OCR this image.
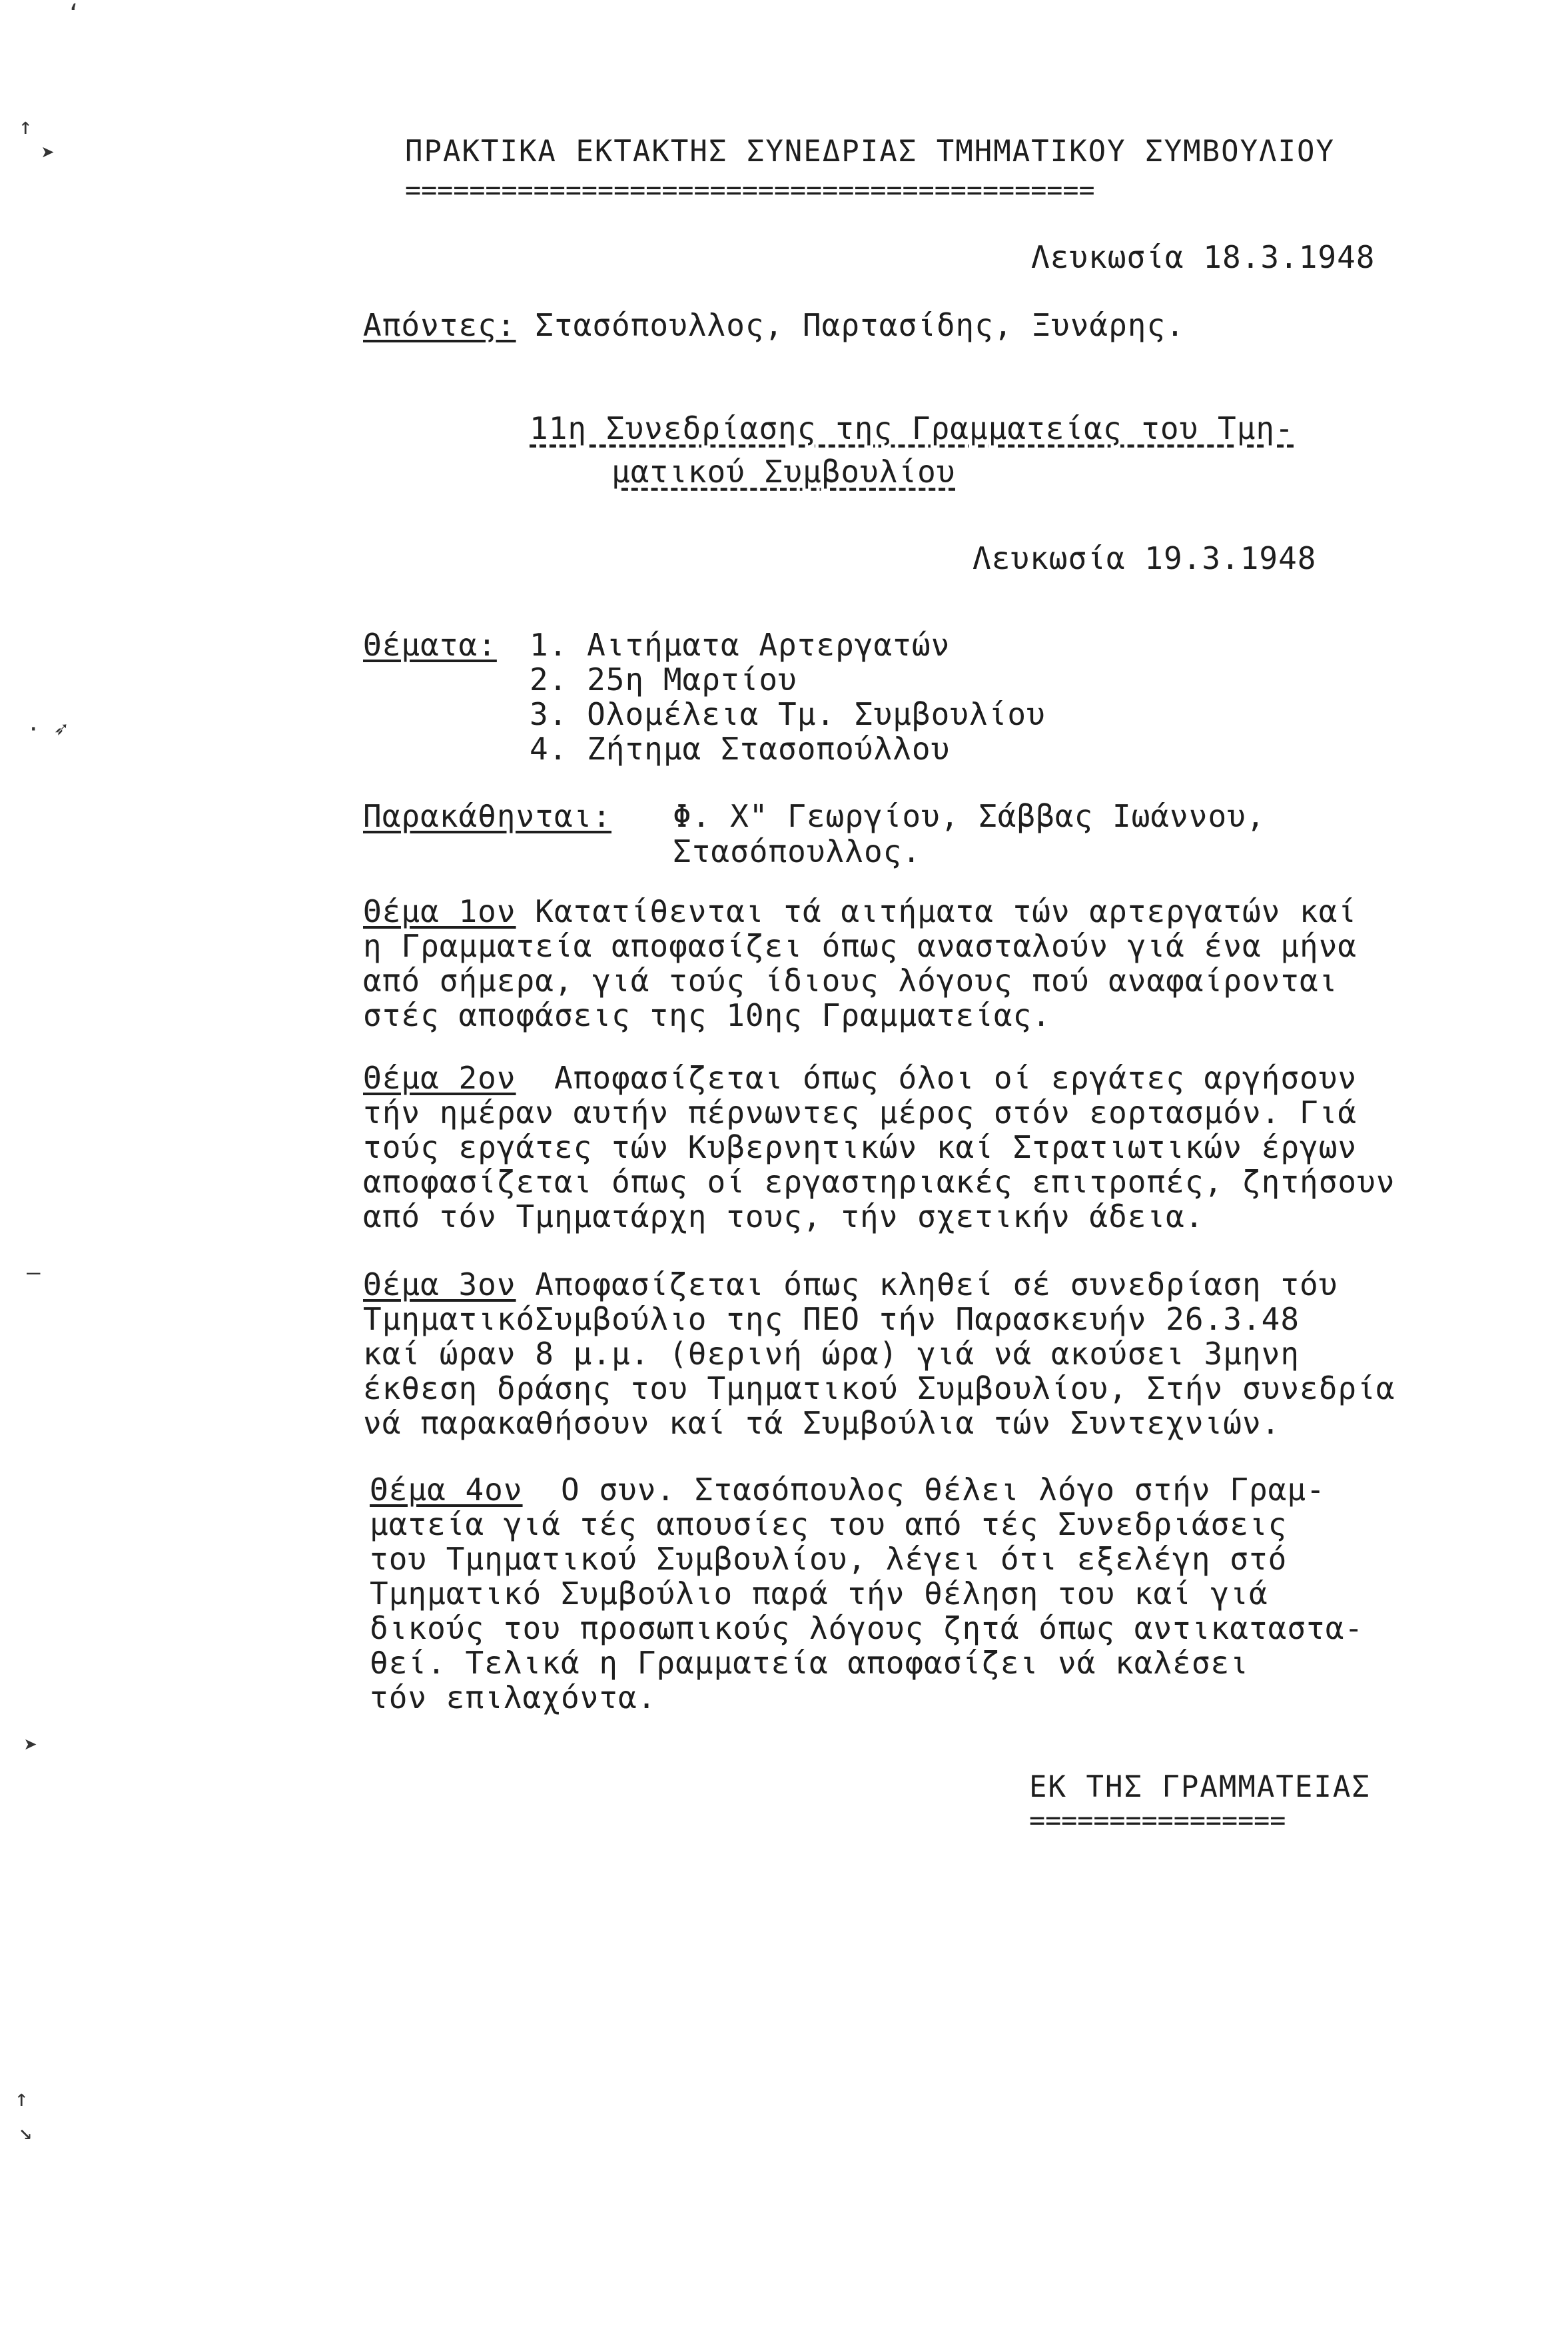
ʻ
↑
➤
· ➶
—
➤
↑
↘
ΠΡΑΚΤΙΚΑ ΕΚΤΑΚΤΗΣ ΣΥΝΕΔΡΙΑΣ ΤΜΗΜΑΤΙΚΟΥ ΣΥΜΒΟΥΛΙΟΥ
===========================================
Λευκωσία 18.3.1948
Απόντες: Στασόπουλλος, Παρτασίδης, Ξυνάρης.
11η Συνεδρίασης της Γραμματείας του Τμη-
ματικού Συμβουλίου
Λευκωσία 19.3.1948
Θέματα: 1. Αιτήματα Αρτεργατών
2. 25η Μαρτίου
3. Ολομέλεια Τμ. Συμβουλίου
4. Ζήτημα Στασοπούλλου
Παρακάθηνται: Φ. Χ" Γεωργίου, Σάββας Ιωάννου,
Στασόπουλλος.
Θέμα 1ον Κατατίθενται τά αιτήματα τών αρτεργατών καί
η Γραμματεία αποφασίζει όπως ανασταλούν γιά ένα μήνα
από σήμερα, γιά τούς ίδιους λόγους πού αναφαίρονται
στές αποφάσεις της 10ης Γραμματείας.
Θέμα 2ον  Αποφασίζεται όπως όλοι οί εργάτες αργήσουν
τήν ημέραν αυτήν πέρνωντες μέρος στόν εορτασμόν. Γιά
τούς εργάτες τών Κυβερνητικών καί Στρατιωτικών έργων
αποφασίζεται όπως οί εργαστηριακές επιτροπές, ζητήσουν
από τόν Τμηματάρχη τους, τήν σχετικήν άδεια.
Θέμα 3ον Αποφασίζεται όπως κληθεί σέ συνεδρίαση τόυ
ΤμηματικόΣυμβούλιο της ΠΕΟ τήν Παρασκευήν 26.3.48
καί ώραν 8 μ.μ. (θερινή ώρα) γιά νά ακούσει 3μηνη
έκθεση δράσης του Τμηματικού Συμβουλίου, Στήν συνεδρία
νά παρακαθήσουν καί τά Συμβούλια τών Συντεχνιών.
Θέμα 4ον  Ο συν. Στασόπουλος θέλει λόγο στήν Γραμ-
ματεία γιά τές απουσίες του από τές Συνεδριάσεις
του Τμηματικού Συμβουλίου, λέγει ότι εξελέγη στό
Τμηματικό Συμβούλιο παρά τήν θέληση του καί γιά
δικούς του προσωπικούς λόγους ζητά όπως αντικαταστα-
θεί. Τελικά η Γραμματεία αποφασίζει νά καλέσει
τόν επιλαχόντα.
ΕΚ ΤΗΣ ΓΡΑΜΜΑΤΕΙΑΣ
================
